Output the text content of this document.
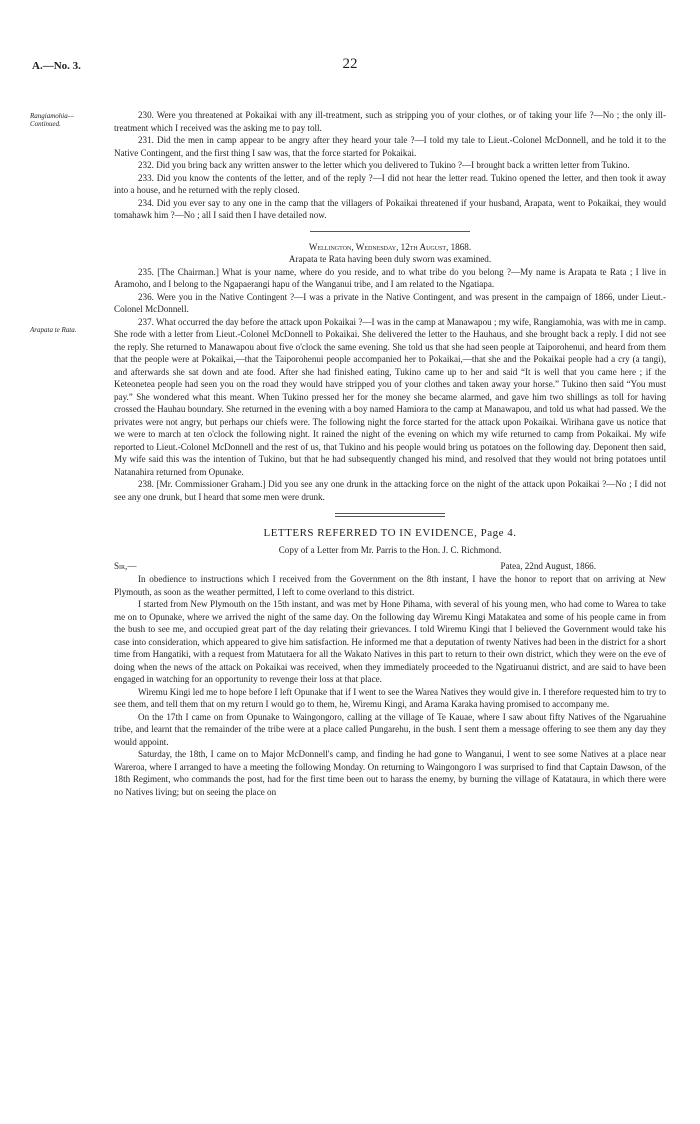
A.—No. 3.	22
Rangiamohia— Continued.
Arapata te Rata.

230. Were you threatened at Pokaikai with any ill-treatment, such as stripping you of your clothes, or of taking your life ?—No ; the only ill-treatment which I received was the asking me to pay toll.

231. Did the men in camp appear to be angry after they heard your tale ?—I told my tale to Lieut.-Colonel McDonnell, and he told it to the Native Contingent, and the first thing I saw was, that the force started for Pokaikai.

232. Did you bring back any written answer to the letter which you delivered to Tukino ?—I brought back a written letter from Tukino.

233. Did you know the contents of the letter, and of the reply ?—I did not hear the letter read. Tukino opened the letter, and then took it away into a house, and he returned with the reply closed.

234. Did you ever say to any one in the camp that the villagers of Pokaikai threatened if your husband, Arapata, went to Pokaikai, they would tomahawk him ?—No ; all I said then I have detailed now.

Wellington, Wednesday, 12th August, 1868.

Arapata te Rata having been duly sworn was examined.

235. [The Chairman.] What is your name, where do you reside, and to what tribe do you belong ?—My name is Arapata te Rata ; I live in Aramoho, and I belong to the Ngapaerangi hapu of the Wanganui tribe, and I am related to the Ngatiapa.

236. Were you in the Native Contingent ?—I was a private in the Native Contingent, and was present in the campaign of 1866, under Lieut.-Colonel McDonnell.

237. What occurred the day before the attack upon Pokaikai ?—I was in the camp at Manawapou ; my wife, Rangiamohia, was with me in camp. She rode with a letter from Lieut.-Colonel McDonnell to Pokaikai. She delivered the letter to the Hauhaus, and she brought back a reply. I did not see the reply. She returned to Manawapou about five o'clock the same evening. She told us that she had seen people at Taiporohenui, and heard from them that the people were at Pokaikai,—that the Taiporohenui people accompanied her to Pokaikai,—that she and the Pokaikai people had a cry (a tangi), and afterwards she sat down and ate food. After she had finished eating, Tukino came up to her and said “It is well that you came here ; if the Keteonetea people had seen you on the road they would have stripped you of your clothes and taken away your horse.” Tukino then said “You must pay.” She wondered what this meant. When Tukino pressed her for the money she became alarmed, and gave him two shillings as toll for having crossed the Hauhau boundary. She returned in the evening with a boy named Hamiora to the camp at Manawapou, and told us what had passed. We the privates were not angry, but perhaps our chiefs were. The following night the force started for the attack upon Pokaikai. Wirihana gave us notice that we were to march at ten o'clock the following night. It rained the night of the evening on which my wife returned to camp from Pokaikai. My wife reported to Lieut.-Colonel McDonnell and the rest of us, that Tukino and his people would bring us potatoes on the following day. Deponent then said, My wife said this was the intention of Tukino, but that he had subsequently changed his mind, and resolved that they would not bring potatoes until Natanahira returned from Opunake.

238. [Mr. Commissioner Graham.] Did you see any one drunk in the attacking force on the night of the attack upon Pokaikai ?—No ; I did not see any one drunk, but I heard that some men were drunk.

LETTERS REFERRED TO IN EVIDENCE, Page 4.

Copy of a Letter from Mr. Parris to the Hon. J. C. Richmond.

Sir,—	Patea, 22nd August, 1866.

In obedience to instructions which I received from the Government on the 8th instant, I have the honor to report that on arriving at New Plymouth, as soon as the weather permitted, I left to come overland to this district.

I started from New Plymouth on the 15th instant, and was met by Hone Pihama, with several of his young men, who had come to Warea to take me on to Opunake, where we arrived the night of the same day. On the following day Wiremu Kingi Matakatea and some of his people came in from the bush to see me, and occupied great part of the day relating their grievances. I told Wiremu Kingi that I believed the Government would take his case into consideration, which appeared to give him satisfaction. He informed me that a deputation of twenty Natives had been in the district for a short time from Hangatiki, with a request from Matutaera for all the Wakato Natives in this part to return to their own district, which they were on the eve of doing when the news of the attack on Pokaikai was received, when they immediately proceeded to the Ngatiruanui district, and are said to have been engaged in watching for an opportunity to revenge their loss at that place.

Wiremu Kingi led me to hope before I left Opunake that if I went to see the Warea Natives they would give in. I therefore requested him to try to see them, and tell them that on my return I would go to them, he, Wiremu Kingi, and Arama Karaka having promised to accompany me.

On the 17th I came on from Opunake to Waingongoro, calling at the village of Te Kauae, where I saw about fifty Natives of the Ngaruahine tribe, and learnt that the remainder of the tribe were at a place called Pungarehu, in the bush. I sent them a message offering to see them any day they would appoint.

Saturday, the 18th, I came on to Major McDonnell's camp, and finding he had gone to Wanganui, I went to see some Natives at a place near Wareroa, where I arranged to have a meeting the following Monday. On returning to Waingongoro I was surprised to find that Captain Dawson, of the 18th Regiment, who commands the post, had for the first time been out to harass the enemy, by burning the village of Katataura, in which there were no Natives living; but on seeing the place on
